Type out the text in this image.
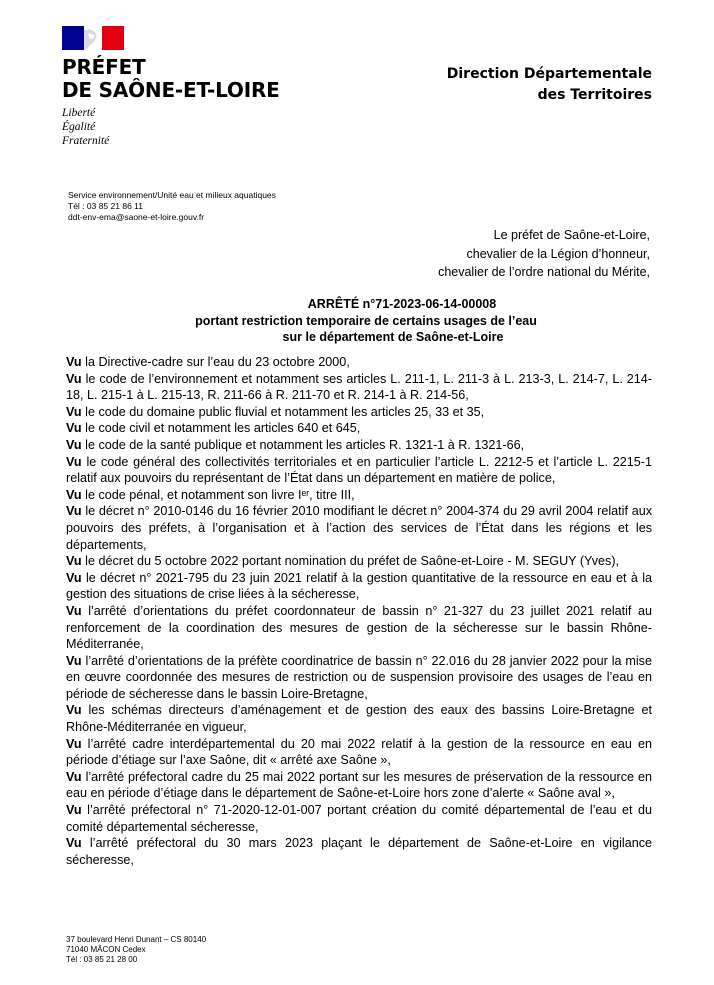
PRÉFET
DE SAÔNE-ET-LOIRE
Liberté
Égalité
Fraternité
Direction Départementale
des Territoires
Service environnement/Unité eau et milieux aquatiques
Tél : 03 85 21 86 11
ddt-env-ema@saone-et-loire.gouv.fr
Le préfet de Saône-et-Loire,
chevalier de la Légion d’honneur,
chevalier de l’ordre national du Mérite,
ARRÊTÉ n°71-2023-06-14-00008
portant restriction temporaire de certains usages de l’eau
sur le département de Saône-et-Loire

Vu la Directive-cadre sur l’eau du 23 octobre 2000,

Vu le code de l’environnement et notamment ses articles L. 211-1, L. 211-3 à L. 213-3, L. 214-7, L. 214-18, L. 215-1 à L. 215-13, R. 211-66 à R. 211-70 et R. 214-1 à R. 214-56,

Vu le code du domaine public fluvial et notamment les articles 25, 33 et 35,

Vu le code civil et notamment les articles 640 et 645,

Vu le code de la santé publique et notamment les articles R. 1321-1 à R. 1321-66,

Vu le code général des collectivités territoriales et en particulier l’article L. 2212-5 et l’article L. 2215-1 relatif aux pouvoirs du représentant de l’État dans un département en matière de police,

Vu le code pénal, et notamment son livre Iᵉʳ, titre III,

Vu le décret n° 2010-0146 du 16 février 2010 modifiant le décret n° 2004-374 du 29 avril 2004 relatif aux pouvoirs des préfets, à l’organisation et à l’action des services de l’État dans les régions et les départements,

Vu le décret du 5 octobre 2022 portant nomination du préfet de Saône-et-Loire - M. SEGUY (Yves),

Vu le décret n° 2021-795 du 23 juin 2021 relatif à la gestion quantitative de la ressource en eau et à la gestion des situations de crise liées à la sécheresse,

Vu l’arrêté d’orientations du préfet coordonnateur de bassin n° 21-327 du 23 juillet 2021 relatif au renforcement de la coordination des mesures de gestion de la sécheresse sur le bassin Rhône-Méditerranée,

Vu l’arrêté d’orientations de la préfète coordinatrice de bassin n° 22.016 du 28 janvier 2022 pour la mise en œuvre coordonnée des mesures de restriction ou de suspension provisoire des usages de l’eau en période de sécheresse dans le bassin Loire-Bretagne,

Vu les schémas directeurs d’aménagement et de gestion des eaux des bassins Loire-Bretagne et Rhône-Méditerranée en vigueur,

Vu l’arrêté cadre interdépartemental du 20 mai 2022 relatif à la gestion de la ressource en eau en période d’étiage sur l’axe Saône, dit « arrêté axe Saône »,

Vu l’arrêté préfectoral cadre du 25 mai 2022 portant sur les mesures de préservation de la ressource en eau en période d’étiage dans le département de Saône-et-Loire hors zone d’alerte « Saône aval »,

Vu l’arrêté préfectoral n° 71-2020-12-01-007 portant création du comité départemental de l’eau et du comité départemental sécheresse,

Vu l’arrêté préfectoral du 30 mars 2023 plaçant le département de Saône-et-Loire en vigilance sécheresse,

37 boulevard Henri Dunant – CS 80140
71040 MÂCON Cedex
Tél : 03 85 21 28 00
